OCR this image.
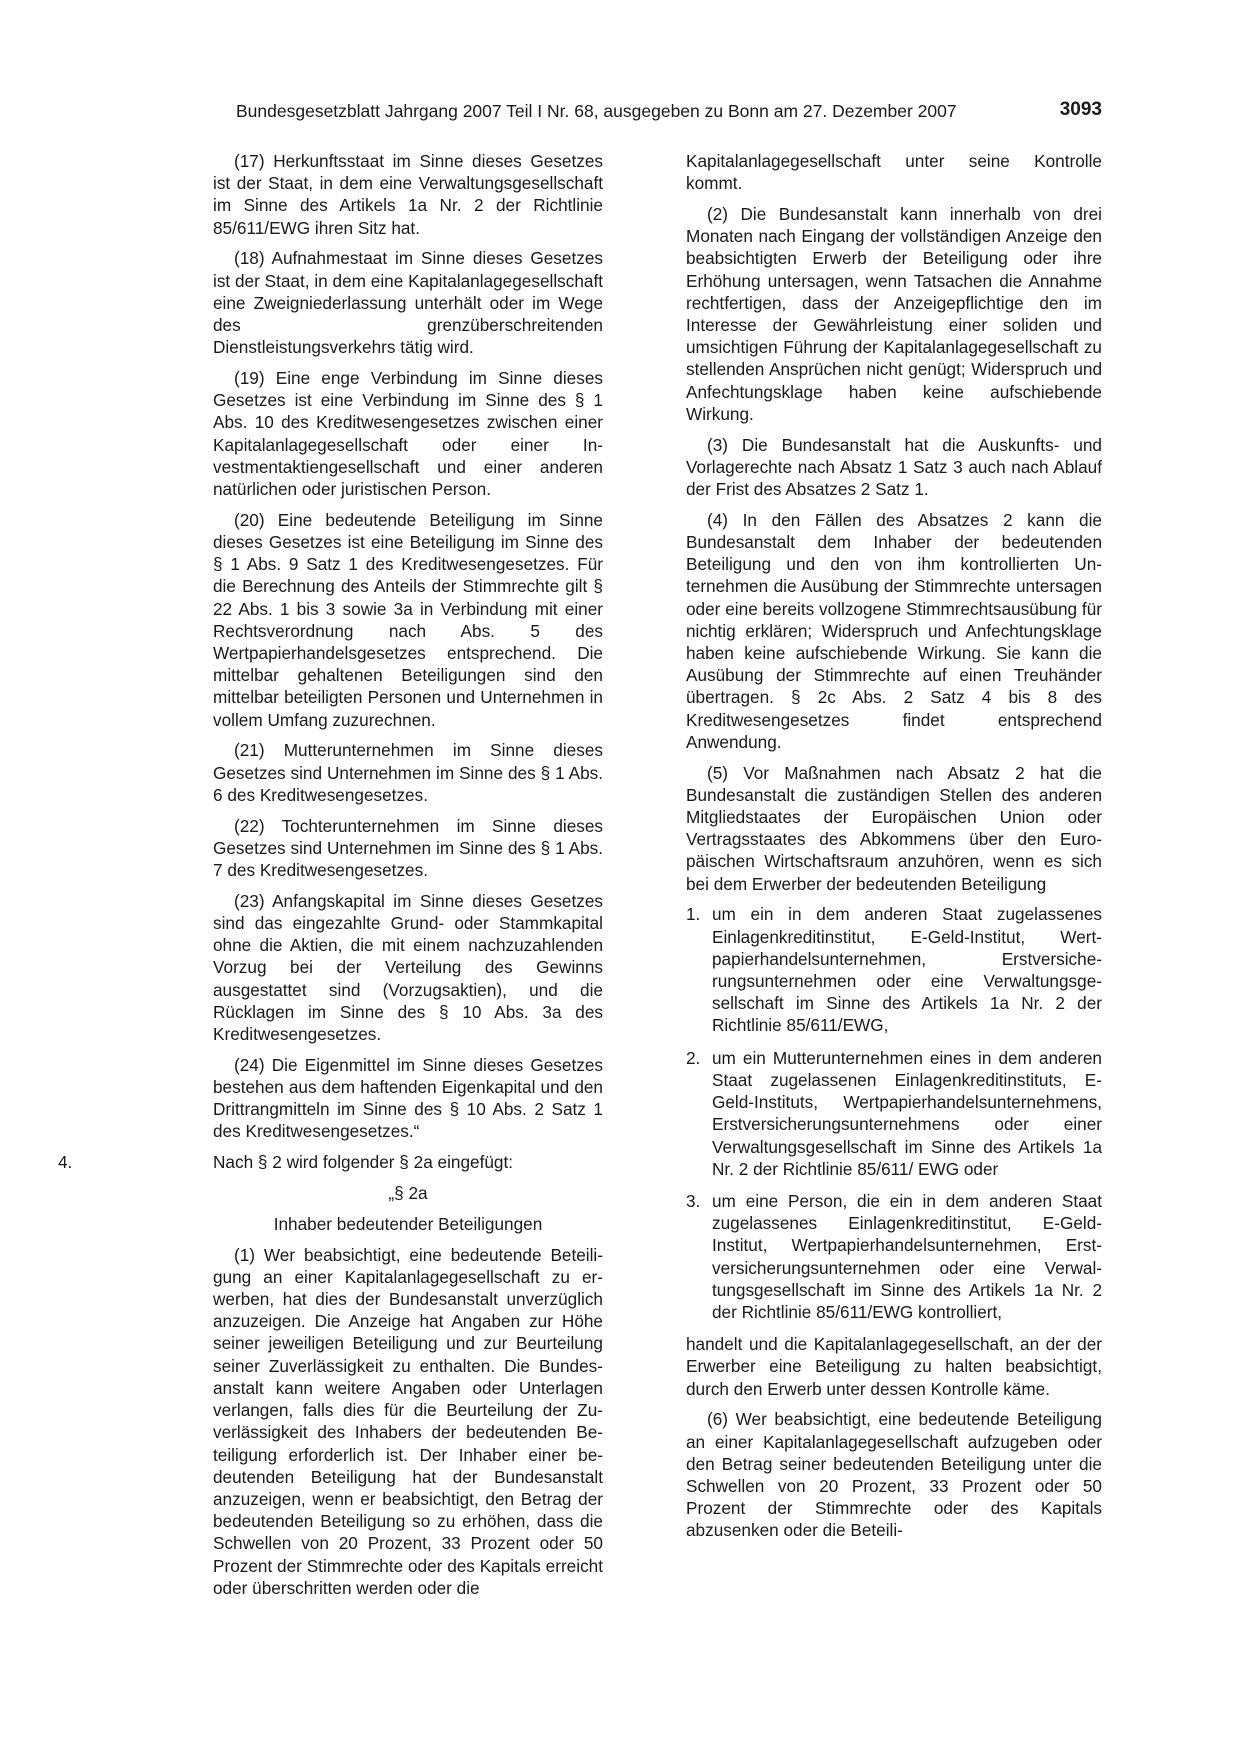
Bundesgesetzblatt Jahrgang 2007 Teil I Nr. 68, ausgegeben zu Bonn am 27. Dezember 2007	3093

(17) Herkunftsstaat im Sinne dieses Gesetzes ist der Staat, in dem eine Verwaltungsgesellschaft im Sinne des Artikels 1a Nr. 2 der Richtlinie 85/611/EWG ihren Sitz hat.

(18) Aufnahmestaat im Sinne dieses Gesetzes ist der Staat, in dem eine Kapitalanlagegesellschaft eine Zweigniederlassung unterhält oder im Wege des grenzüberschreitenden Dienstleistungsverkehrs tätig wird.

(19) Eine enge Verbindung im Sinne dieses Gesetzes ist eine Verbindung im Sinne des § 1 Abs. 10 des Kreditwesengesetzes zwischen einer Kapitalanlagegesellschaft oder einer Investmentaktiengesellschaft und einer anderen natürlichen oder juristischen Person.

(20) Eine bedeutende Beteiligung im Sinne dieses Gesetzes ist eine Beteiligung im Sinne des § 1 Abs. 9 Satz 1 des Kreditwesengesetzes. Für die Berechnung des Anteils der Stimmrechte gilt § 22 Abs. 1 bis 3 sowie 3a in Verbindung mit einer Rechtsverordnung nach Abs. 5 des Wertpapierhandelsgesetzes entsprechend. Die mittelbar gehaltenen Beteiligungen sind den mittelbar beteiligten Personen und Unternehmen in vollem Umfang zuzurechnen.

(21) Mutterunternehmen im Sinne dieses Gesetzes sind Unternehmen im Sinne des § 1 Abs. 6 des Kreditwesengesetzes.

(22) Tochterunternehmen im Sinne dieses Gesetzes sind Unternehmen im Sinne des § 1 Abs. 7 des Kreditwesengesetzes.

(23) Anfangskapital im Sinne dieses Gesetzes sind das eingezahlte Grund- oder Stammkapital ohne die Aktien, die mit einem nachzuzahlenden Vorzug bei der Verteilung des Gewinns ausgestattet sind (Vorzugsaktien), und die Rücklagen im Sinne des § 10 Abs. 3a des Kreditwesengesetzes.

(24) Die Eigenmittel im Sinne dieses Gesetzes bestehen aus dem haftenden Eigenkapital und den Drittrangmitteln im Sinne des § 10 Abs. 2 Satz 1 des Kreditwesengesetzes.“

4.	Nach § 2 wird folgender § 2a eingefügt:

„§ 2a

Inhaber bedeutender Beteiligungen

(1) Wer beabsichtigt, eine bedeutende Beteiligung an einer Kapitalanlagegesellschaft zu erwerben, hat dies der Bundesanstalt unverzüglich anzuzeigen. Die Anzeige hat Angaben zur Höhe seiner jeweiligen Beteiligung und zur Beurteilung seiner Zuverlässigkeit zu enthalten. Die Bundesanstalt kann weitere Angaben oder Unterlagen verlangen, falls dies für die Beurteilung der Zuverlässigkeit des Inhabers der bedeutenden Beteiligung erforderlich ist. Der Inhaber einer bedeutenden Beteiligung hat der Bundesanstalt anzuzeigen, wenn er beabsichtigt, den Betrag der bedeutenden Beteiligung so zu erhöhen, dass die Schwellen von 20 Prozent, 33 Prozent oder 50 Prozent der Stimmrechte oder des Kapitals erreicht oder überschritten werden oder die

Kapitalanlagegesellschaft unter seine Kontrolle kommt.

(2) Die Bundesanstalt kann innerhalb von drei Monaten nach Eingang der vollständigen Anzeige den beabsichtigten Erwerb der Beteiligung oder ihre Erhöhung untersagen, wenn Tatsachen die Annahme rechtfertigen, dass der Anzeigepflichtige den im Interesse der Gewährleistung einer soliden und umsichtigen Führung der Kapitalanlagegesellschaft zu stellenden Ansprüchen nicht genügt; Widerspruch und Anfechtungsklage haben keine aufschiebende Wirkung.

(3) Die Bundesanstalt hat die Auskunfts- und Vorlagerechte nach Absatz 1 Satz 3 auch nach Ablauf der Frist des Absatzes 2 Satz 1.

(4) In den Fällen des Absatzes 2 kann die Bundesanstalt dem Inhaber der bedeutenden Beteiligung und den von ihm kontrollierten Unternehmen die Ausübung der Stimmrechte untersagen oder eine bereits vollzogene Stimmrechtsausübung für nichtig erklären; Widerspruch und Anfechtungsklage haben keine aufschiebende Wirkung. Sie kann die Ausübung der Stimmrechte auf einen Treuhänder übertragen. § 2c Abs. 2 Satz 4 bis 8 des Kreditwesengesetzes findet entsprechend Anwendung.

(5) Vor Maßnahmen nach Absatz 2 hat die Bundesanstalt die zuständigen Stellen des anderen Mitgliedstaates der Europäischen Union oder Vertragsstaates des Abkommens über den Europäischen Wirtschaftsraum anzuhören, wenn es sich bei dem Erwerber der bedeutenden Beteiligung

1. um ein in dem anderen Staat zugelassenes Einlagenkreditinstitut, E-Geld-Institut, Wertpapierhandelsunternehmen, Erstversicherungsunternehmen oder eine Verwaltungsgesellschaft im Sinne des Artikels 1a Nr. 2 der Richtlinie 85/611/EWG,
2. um ein Mutterunternehmen eines in dem anderen Staat zugelassenen Einlagenkreditinstituts, E-Geld-Instituts, Wertpapierhandelsunternehmens, Erstversicherungsunternehmens oder einer Verwaltungsgesellschaft im Sinne des Artikels 1a Nr. 2 der Richtlinie 85/611/ EWG oder
3. um eine Person, die ein in dem anderen Staat zugelassenes Einlagenkreditinstitut, E-Geld-Institut, Wertpapierhandelsunternehmen, Erstversicherungsunternehmen oder eine Verwaltungsgesellschaft im Sinne des Artikels 1a Nr. 2 der Richtlinie 85/611/EWG kontrolliert,

handelt und die Kapitalanlagegesellschaft, an der der Erwerber eine Beteiligung zu halten beabsichtigt, durch den Erwerb unter dessen Kontrolle käme.

(6) Wer beabsichtigt, eine bedeutende Beteiligung an einer Kapitalanlagegesellschaft aufzugeben oder den Betrag seiner bedeutenden Beteiligung unter die Schwellen von 20 Prozent, 33 Prozent oder 50 Prozent der Stimmrechte oder des Kapitals abzusenken oder die Beteili-
